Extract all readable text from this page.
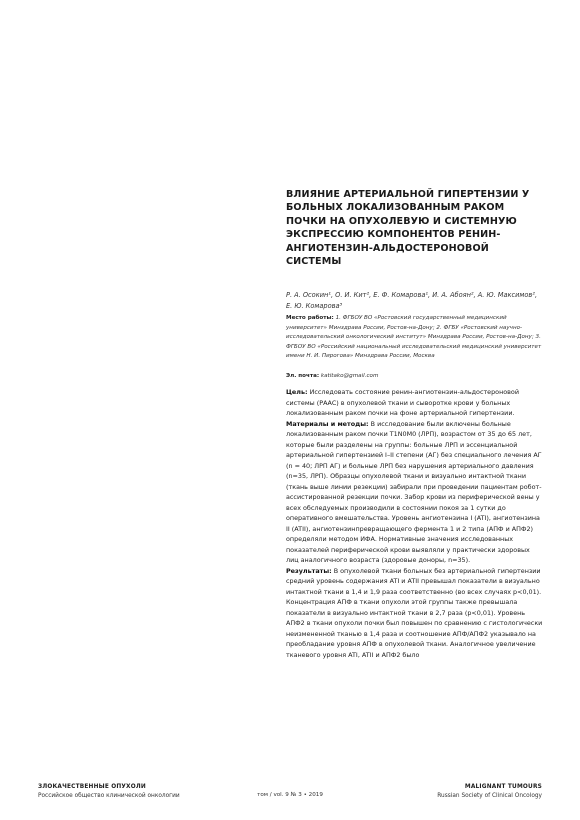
ВЛИЯНИЕ АРТЕРИАЛЬНОЙ ГИПЕРТЕНЗИИ У БОЛЬНЫХ ЛОКАЛИЗОВАННЫМ РАКОМ ПОЧКИ НА ОПУХОЛЕВУЮ И СИСТЕМНУЮ ЭКСПРЕССИЮ КОМПОНЕНТОВ РЕНИН-АНГИОТЕНЗИН-АЛЬДОСТЕРОНОВОЙ СИСТЕМЫ

Р. А. Осокин¹, О. И. Кит², Е. Ф. Комарова¹, И. А. Абоян², А. Ю. Максимов², Е. Ю. Комарова³

Место работы: 1. ФГБОУ ВО «Ростовский государственный медицинский университет» Минздрава России, Ростов-на-Дону; 2. ФГБУ «Ростовский научно-исследовательский онкологический институт» Минздрава России, Ростов-на-Дону; 3. ФГБОУ ВО «Российский национальный исследовательский медицинский университет имени Н. И. Пирогова» Минздрава России, Москва

Эл. почта: katitako@gmail.com

Цель: Исследовать состояние ренин-ангиотензин-альдостероновой системы (РААС) в опухолевой ткани и сыворотке крови у больных локализованным раком почки на фоне артериальной гипертензии.

Материалы и методы: В исследование были включены больные локализованным раком почки T1N0M0 (ЛРП), возрастом от 35 до 65 лет, которые были разделены на группы: больные ЛРП и эссенциальной артериальной гипертензией I–II степени (АГ) без специального лечения АГ (n = 40; ЛРП АГ) и больные ЛРП без нарушения артериального давления (n=35, ЛРП). Образцы опухолевой ткани и визуально интактной ткани (ткань выше линии резекции) забирали при проведении пациентам робот-ассистированной резекции почки. Забор крови из периферической вены у всех обследуемых производили в состоянии покоя за 1 сутки до оперативного вмешательства. Уровень ангиотензина I (ATI), ангиотензина II (ATII), ангиотензинпревращающего фермента 1 и 2 типа (АПФ и АПФ2) определяли методом ИФА. Нормативные значения исследованных показателей периферической крови выявляли у практически здоровых лиц аналогичного возраста (здоровые доноры, n=35).

Результаты: В опухолевой ткани больных без артериальной гипертензии средний уровень содержания ATI и ATII превышал показатели в визуально интактной ткани в 1,4 и 1,9 раза соответственно (во всех случаях p<0,01). Концентрация АПФ в ткани опухоли этой группы также превышала показатели в визуально интактной ткани в 2,7 раза (p<0,01). Уровень АПФ2 в ткани опухоли почки был повышен по сравнению с гистологически неизмененной тканью в 1,4 раза и соотношение АПФ/АПФ2 указывало на преобладание уровня АПФ в опухолевой ткани. Аналогичное увеличение тканевого уровня ATI, ATII и АПФ2 было

ЗЛОКАЧЕСТВЕННЫЕ ОПУХОЛИ
Российское общество клинической онкологии	том / vol. 9 № 3 • 2019
MALIGNANT TUMOURS
Russian Society of Clinical Oncology
